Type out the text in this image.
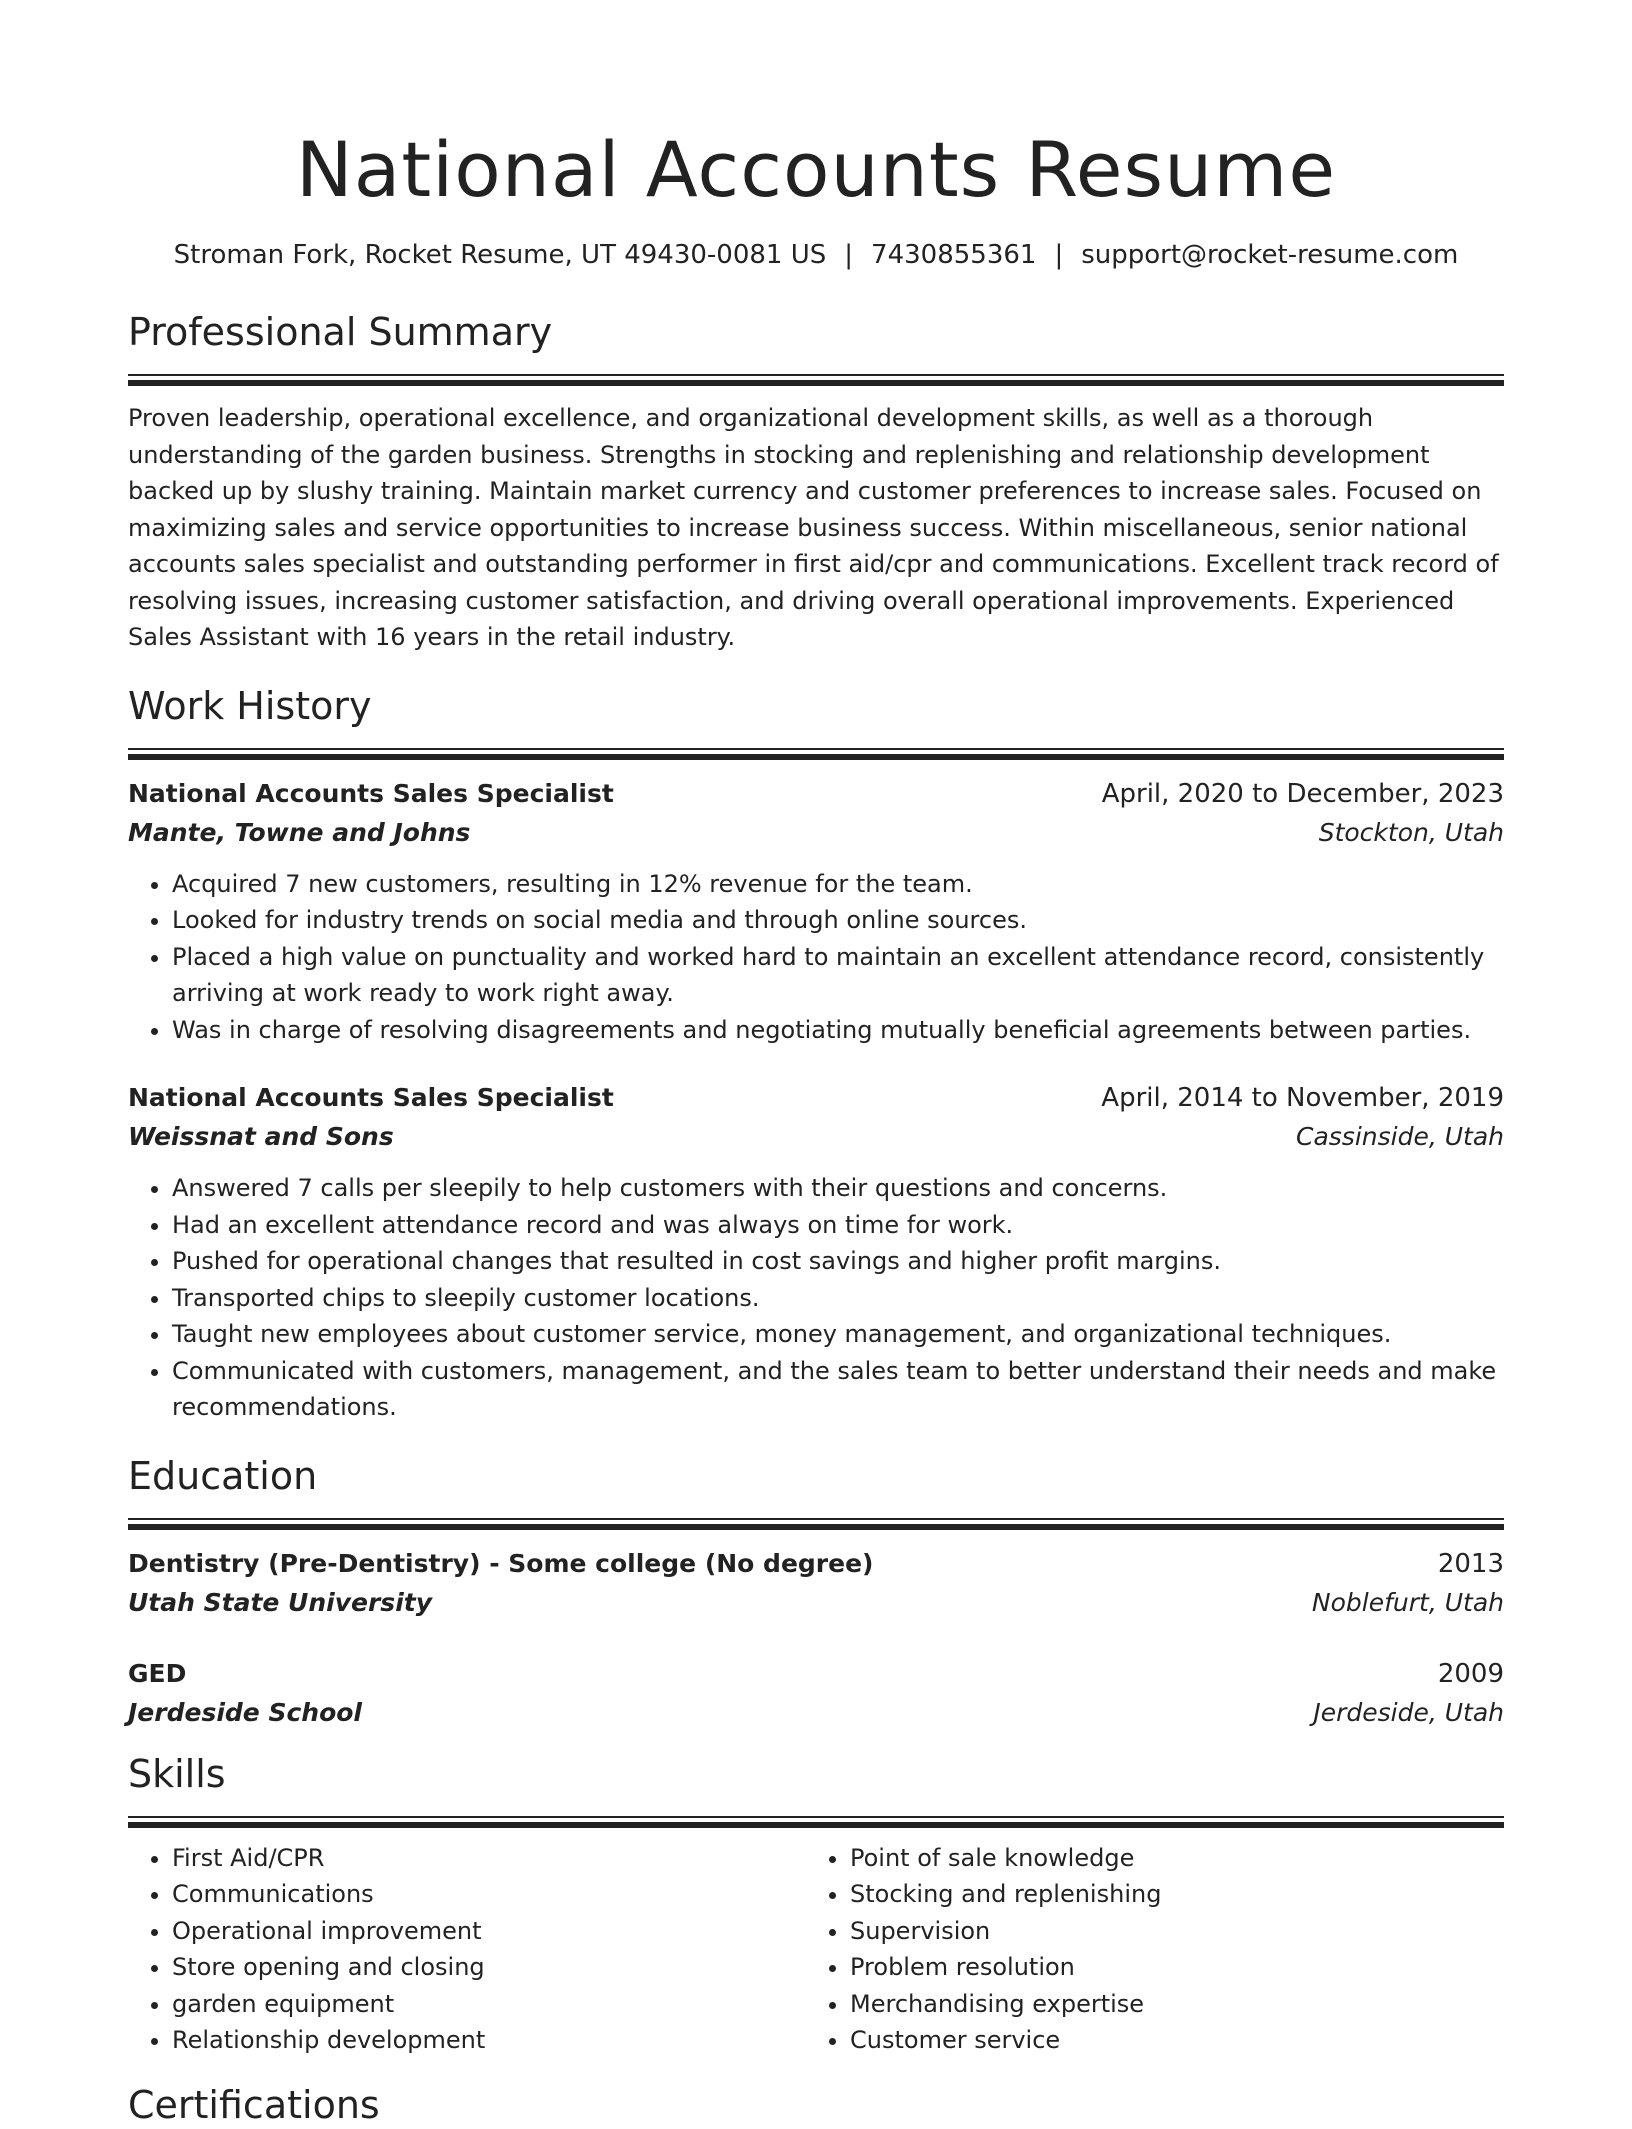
National Accounts Resume
Stroman Fork, Rocket Resume, UT 49430-0081 US | 7430855361 | support@rocket-resume.com
Professional Summary

Proven leadership, operational excellence, and organizational development skills, as well as a thorough understanding of the garden business. Strengths in stocking and replenishing and relationship development backed up by slushy training. Maintain market currency and customer preferences to increase sales. Focused on maximizing sales and service opportunities to increase business success. Within miscellaneous, senior national accounts sales specialist and outstanding performer in first aid/cpr and communications. Excellent track record of resolving issues, increasing customer satisfaction, and driving overall operational improvements. Experienced Sales Assistant with 16 years in the retail industry.

Work History
National Accounts Sales Specialist	April, 2020 to December, 2023
Mante, Towne and Johns	Stockton, Utah
• Acquired 7 new customers, resulting in 12% revenue for the team.
• Looked for industry trends on social media and through online sources.
• Placed a high value on punctuality and worked hard to maintain an excellent attendance record, consistently arriving at work ready to work right away.
• Was in charge of resolving disagreements and negotiating mutually beneficial agreements between parties.
National Accounts Sales Specialist	April, 2014 to November, 2019
Weissnat and Sons	Cassinside, Utah
• Answered 7 calls per sleepily to help customers with their questions and concerns.
• Had an excellent attendance record and was always on time for work.
• Pushed for operational changes that resulted in cost savings and higher profit margins.
• Transported chips to sleepily customer locations.
• Taught new employees about customer service, money management, and organizational techniques.
• Communicated with customers, management, and the sales team to better understand their needs and make recommendations.
Education
Dentistry (Pre-Dentistry) - Some college (No degree)	2013
Utah State University	Noblefurt, Utah
GED	2009
Jerdeside School	Jerdeside, Utah
Skills
• First Aid/CPR
• Communications
• Operational improvement
• Store opening and closing
• garden equipment
• Relationship development
• Point of sale knowledge
• Stocking and replenishing
• Supervision
• Problem resolution
• Merchandising expertise
• Customer service
Certifications
